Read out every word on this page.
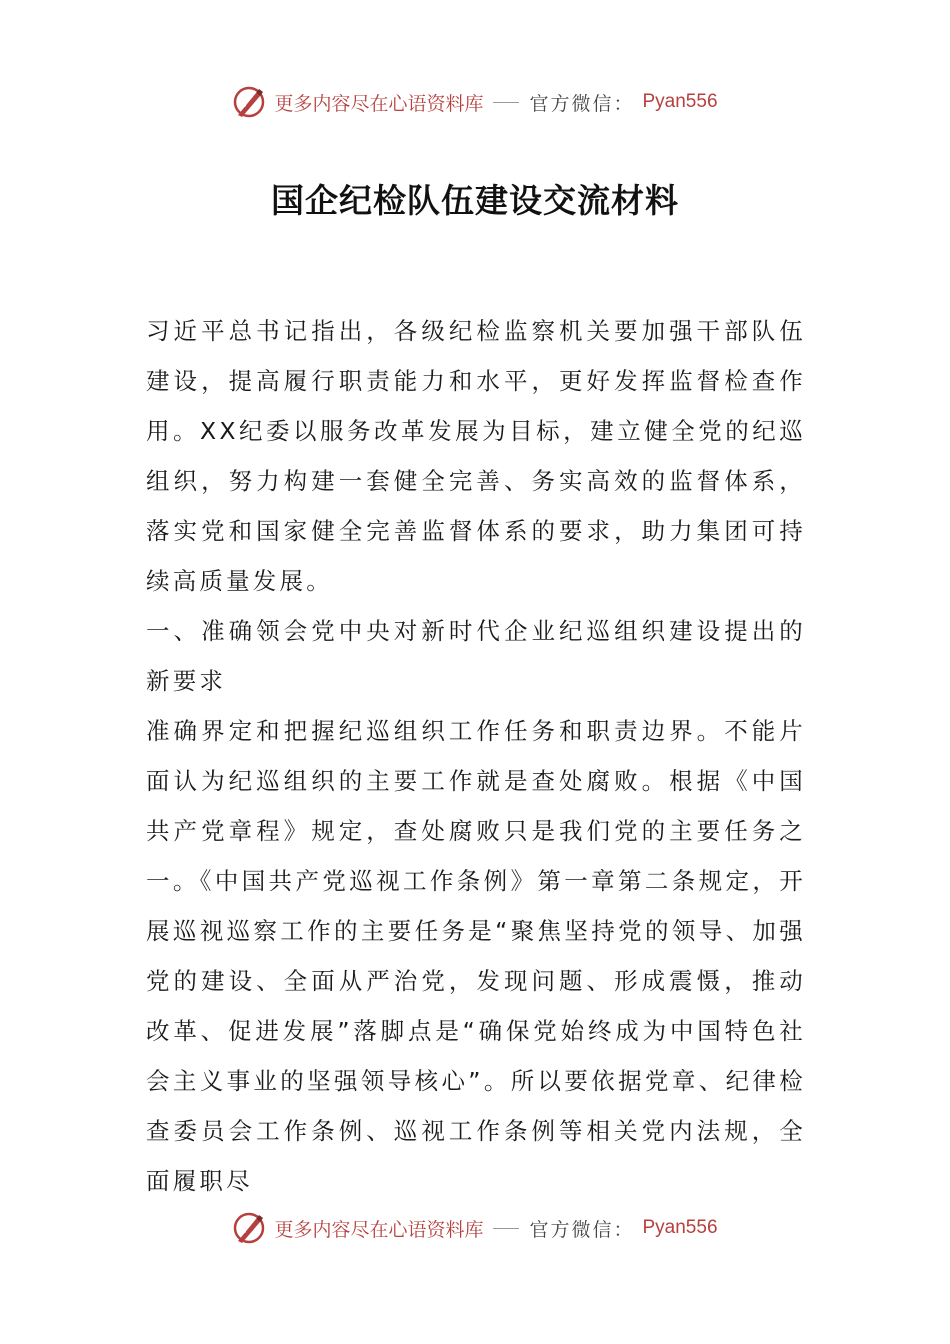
更多内容尽在心语资料库 官方微信： Pyan556
国企纪检队伍建设交流材料

习近平总书记指出，各级纪检监察机关要加强干部队伍建设，提高履行职责能力和水平，更好发挥监督检查作用。XX纪委以服务改革发展为目标，建立健全党的纪巡组织，努力构建一套健全完善、务实高效的监督体系，落实党和国家健全完善监督体系的要求，助力集团可持续高质量发展。

一、准确领会党中央对新时代企业纪巡组织建设提出的新要求

准确界定和把握纪巡组织工作任务和职责边界。不能片面认为纪巡组织的主要工作就是查处腐败。根据《中国共产党章程》规定，查处腐败只是我们党的主要任务之一。《中国共产党巡视工作条例》第一章第二条规定，开展巡视巡察工作的主要任务是“聚焦坚持党的领导、加强党的建设、全面从严治党，发现问题、形成震慑，推动改革、促进发展”落脚点是“确保党始终成为中国特色社会主义事业的坚强领导核心”。所以要依据党章、纪律检查委员会工作条例、巡视工作条例等相关党内法规，全面履职尽

更多内容尽在心语资料库 官方微信： Pyan556
